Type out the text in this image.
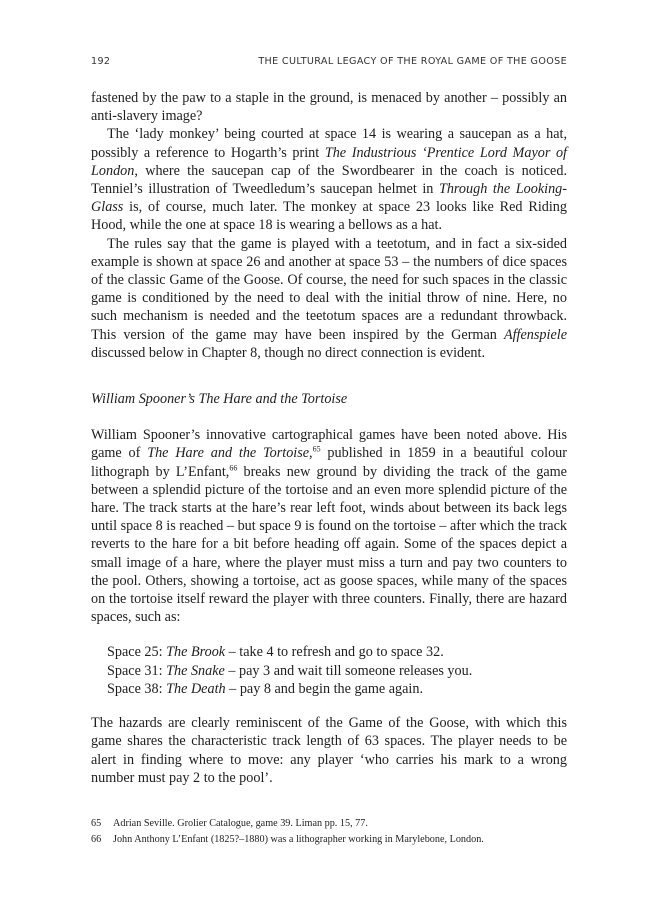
192	THE CULTURAL LEGACY OF THE ROYAL GAME OF THE GOOSE

fastened by the paw to a staple in the ground, is menaced by another – possibly an anti-slavery image?

The ‘lady monkey’ being courted at space 14 is wearing a saucepan as a hat, possibly a reference to Hogarth’s print The Industrious ‘Prentice Lord Mayor of London, where the saucepan cap of the Swordbearer in the coach is noticed. Tenniel’s illustration of Tweedledum’s saucepan helmet in Through the Looking-Glass is, of course, much later. The monkey at space 23 looks like Red Riding Hood, while the one at space 18 is wearing a bellows as a hat.

The rules say that the game is played with a teetotum, and in fact a six-sided example is shown at space 26 and another at space 53 – the numbers of dice spaces of the classic Game of the Goose. Of course, the need for such spaces in the classic game is conditioned by the need to deal with the initial throw of nine. Here, no such mechanism is needed and the teetotum spaces are a redundant throwback. This version of the game may have been inspired by the German Affenspiele discussed below in Chapter 8, though no direct connection is evident.

William Spooner’s The Hare and the Tortoise

William Spooner’s innovative cartographical games have been noted above. His game of The Hare and the Tortoise,$^{65}$ published in 1859 in a beautiful colour lithograph by L’Enfant,$^{66}$ breaks new ground by dividing the track of the game between a splendid picture of the tortoise and an even more splendid picture of the hare. The track starts at the hare’s rear left foot, winds about between its back legs until space 8 is reached – but space 9 is found on the tortoise – after which the track reverts to the hare for a bit before heading off again. Some of the spaces depict a small image of a hare, where the player must miss a turn and pay two counters to the pool. Others, showing a tortoise, act as goose spaces, while many of the spaces on the tortoise itself reward the player with three counters. Finally, there are hazard spaces, such as:

Space 25: The Brook – take 4 to refresh and go to space 32.
Space 31: The Snake – pay 3 and wait till someone releases you.
Space 38: The Death – pay 8 and begin the game again.

The hazards are clearly reminiscent of the Game of the Goose, with which this game shares the characteristic track length of 63 spaces. The player needs to be alert in finding where to move: any player ‘who carries his mark to a wrong number must pay 2 to the pool’.

65 Adrian Seville. Grolier Catalogue, game 39. Liman pp. 15, 77.
66 John Anthony L’Enfant (1825?–1880) was a lithographer working in Marylebone, London.
